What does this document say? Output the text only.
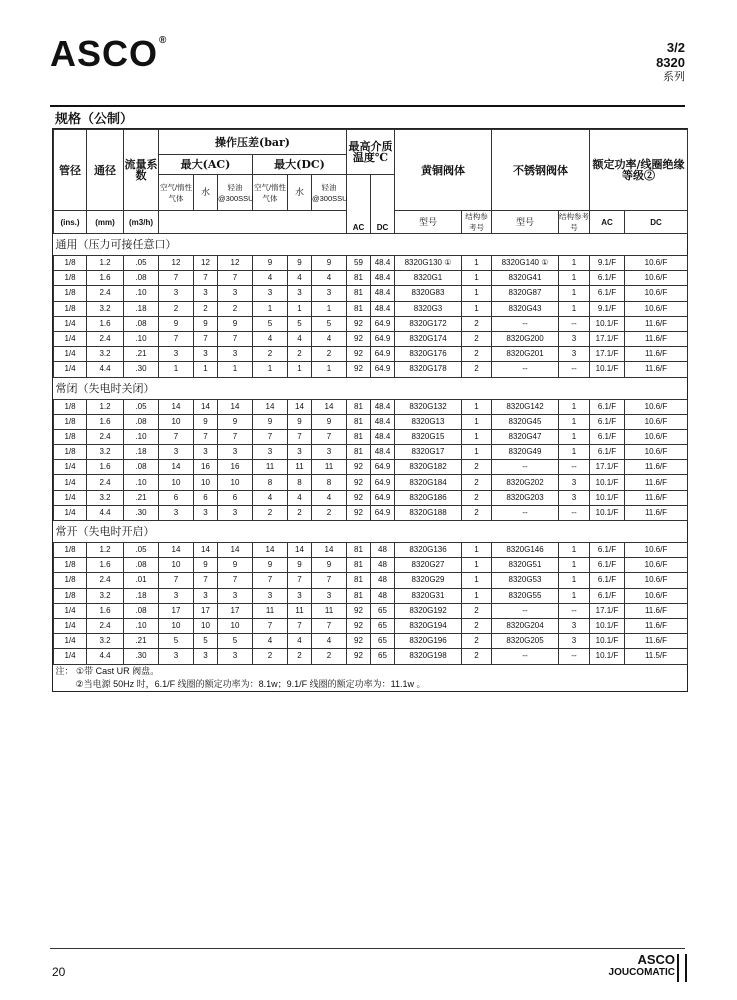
ASCO®	3/2
8320
系列
规格（公制）
管径	通径	流量系数	操作压差(bar)						最高介质温度℃		黄铜阀体		不锈钢阀体		额定功率/线圈绝缘等级②	
			最大(AC)			最大(DC)										
			空气/惰性气体	水	轻油@300SSU	空气/惰性气体	水	轻油@300SSU	AC	DC						
(ins.)	(mm)	(m3/h)									型号	结构参考号	型号	结构参考号	AC	DC
通用（压力可接任意口）																
1/8	1.2	.05	12	12	12	9	9	9	59	48.4	8320G130 ①	1	8320G140 ①	1	9.1/F	10.6/F
1/8	1.6	.08	7	7	7	4	4	4	81	48.4	8320G1	1	8320G41	1	6.1/F	10.6/F
1/8	2.4	.10	3	3	3	3	3	3	81	48.4	8320G83	1	8320G87	1	6.1/F	10.6/F
1/8	3.2	.18	2	2	2	1	1	1	81	48.4	8320G3	1	8320G43	1	9.1/F	10.6/F
1/4	1.6	.08	9	9	9	5	5	5	92	64.9	8320G172	2	--	--	10.1/F	11.6/F
1/4	2.4	.10	7	7	7	4	4	4	92	64.9	8320G174	2	8320G200	3	17.1/F	11.6/F
1/4	3.2	.21	3	3	3	2	2	2	92	64.9	8320G176	2	8320G201	3	17.1/F	11.6/F
1/4	4.4	.30	1	1	1	1	1	1	92	64.9	8320G178	2	--	--	10.1/F	11.6/F
常闭（失电时关闭）																
1/8	1.2	.05	14	14	14	14	14	14	81	48.4	8320G132	1	8320G142	1	6.1/F	10.6/F
1/8	1.6	.08	10	9	9	9	9	9	81	48.4	8320G13	1	8320G45	1	6.1/F	10.6/F
1/8	2.4	.10	7	7	7	7	7	7	81	48.4	8320G15	1	8320G47	1	6.1/F	10.6/F
1/8	3.2	.18	3	3	3	3	3	3	81	48.4	8320G17	1	8320G49	1	6.1/F	10.6/F
1/4	1.6	.08	14	16	16	11	11	11	92	64.9	8320G182	2	--	--	17.1/F	11.6/F
1/4	2.4	.10	10	10	10	8	8	8	92	64.9	8320G184	2	8320G202	3	10.1/F	11.6/F
1/4	3.2	.21	6	6	6	4	4	4	92	64.9	8320G186	2	8320G203	3	10.1/F	11.6/F
1/4	4.4	.30	3	3	3	2	2	2	92	64.9	8320G188	2	--	--	10.1/F	11.6/F
常开（失电时开启）																
1/8	1.2	.05	14	14	14	14	14	14	81	48	8320G136	1	8320G146	1	6.1/F	10.6/F
1/8	1.6	.08	10	9	9	9	9	9	81	48	8320G27	1	8320G51	1	6.1/F	10.6/F
1/8	2.4	.01	7	7	7	7	7	7	81	48	8320G29	1	8320G53	1	6.1/F	10.6/F
1/8	3.2	.18	3	3	3	3	3	3	81	48	8320G31	1	8320G55	1	6.1/F	10.6/F
1/4	1.6	.08	17	17	17	11	11	11	92	65	8320G192	2	--	--	17.1/F	11.6/F
1/4	2.4	.10	10	10	10	7	7	7	92	65	8320G194	2	8320G204	3	10.1/F	11.6/F
1/4	3.2	.21	5	5	5	4	4	4	92	65	8320G196	2	8320G205	3	10.1/F	11.6/F
1/4	4.4	.30	3	3	3	2	2	2	92	65	8320G198	2	--	--	10.1/F	11.5/F
注： ①带 Cast UR 阀盘。																
②当电源 50Hz 时，6.1/F 线圈的额定功率为：8.1w；9.1/F 线圈的额定功率为：11.1w 。																
20
ASCO
JOUCOMATIC
